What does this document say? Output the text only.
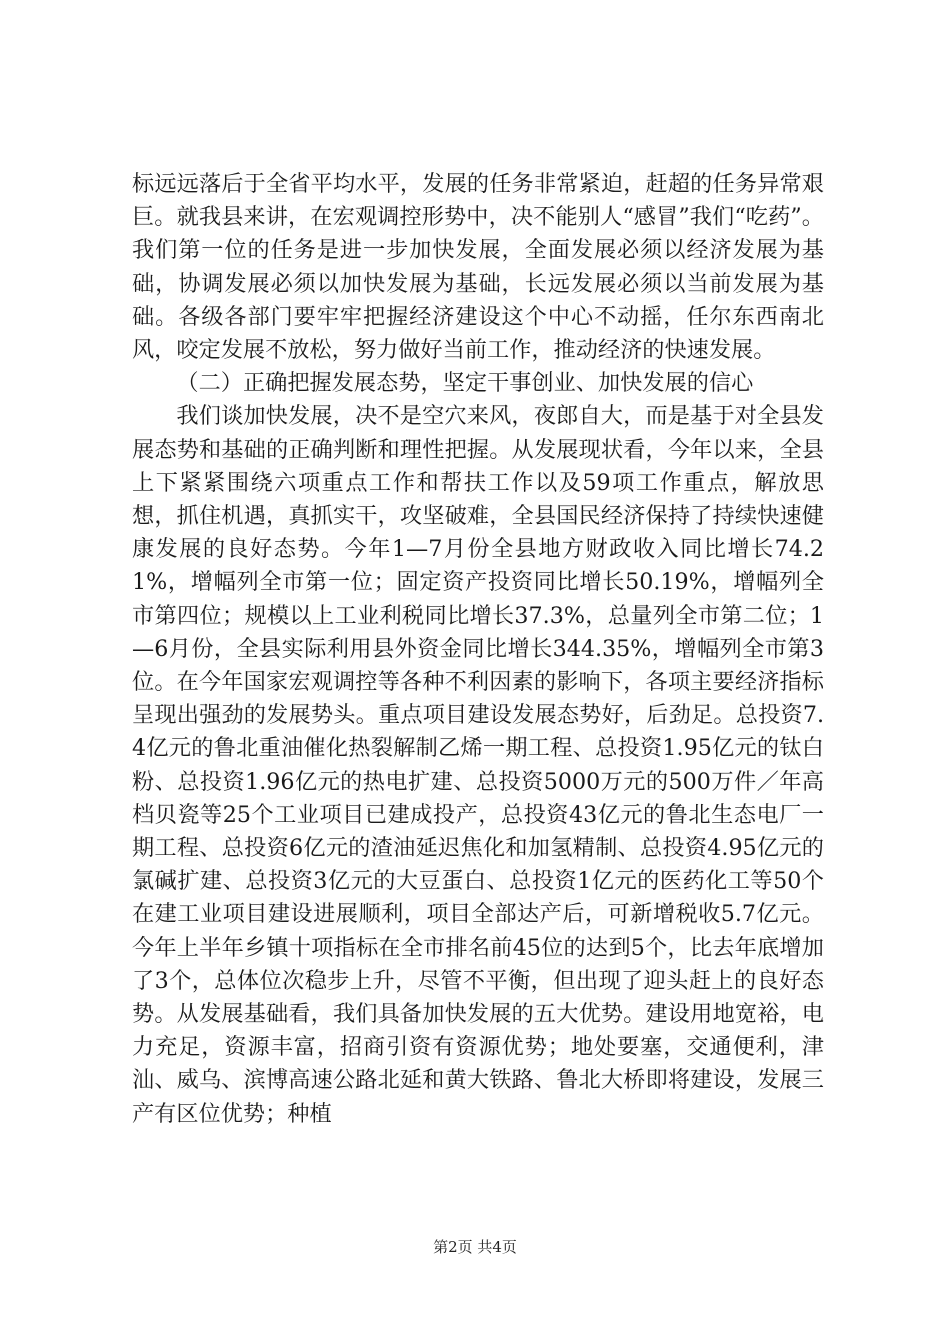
标远远落后于全省平均水平，发展的任务非常紧迫，赶超的任务异常艰巨。就我县来讲，在宏观调控形势中，决不能别人“感冒”我们“吃药”。我们第一位的任务是进一步加快发展，全面发展必须以经济发展为基础，协调发展必须以加快发展为基础，长远发展必须以当前发展为基础。各级各部门要牢牢把握经济建设这个中心不动摇，任尔东西南北风，咬定发展不放松，努力做好当前工作，推动经济的快速发展。

（二）正确把握发展态势，坚定干事创业、加快发展的信心

我们谈加快发展，决不是空穴来风，夜郎自大，而是基于对全县发展态势和基础的正确判断和理性把握。从发展现状看，今年以来，全县上下紧紧围绕六项重点工作和帮扶工作以及59项工作重点，解放思想，抓住机遇，真抓实干，攻坚破难，全县国民经济保持了持续快速健康发展的良好态势。今年1—7月份全县地方财政收入同比增长74.21%，增幅列全市第一位；固定资产投资同比增长50.19%，增幅列全市第四位；规模以上工业利税同比增长37.3%，总量列全市第二位；1—6月份，全县实际利用县外资金同比增长344.35%，增幅列全市第3位。在今年国家宏观调控等各种不利因素的影响下，各项主要经济指标呈现出强劲的发展势头。重点项目建设发展态势好，后劲足。总投资7.4亿元的鲁北重油催化热裂解制乙烯一期工程、总投资1.95亿元的钛白粉、总投资1.96亿元的热电扩建、总投资5000万元的500万件／年高档贝瓷等25个工业项目已建成投产，总投资43亿元的鲁北生态电厂一期工程、总投资6亿元的渣油延迟焦化和加氢精制、总投资4.95亿元的氯碱扩建、总投资3亿元的大豆蛋白、总投资1亿元的医药化工等50个在建工业项目建设进展顺利，项目全部达产后，可新增税收5.7亿元。今年上半年乡镇十项指标在全市排名前45位的达到5个，比去年底增加了3个，总体位次稳步上升，尽管不平衡，但出现了迎头赶上的良好态势。从发展基础看，我们具备加快发展的五大优势。建设用地宽裕，电力充足，资源丰富，招商引资有资源优势；地处要塞，交通便利，津汕、威乌、滨博高速公路北延和黄大铁路、鲁北大桥即将建设，发展三产有区位优势；种植

第2页 共4页
